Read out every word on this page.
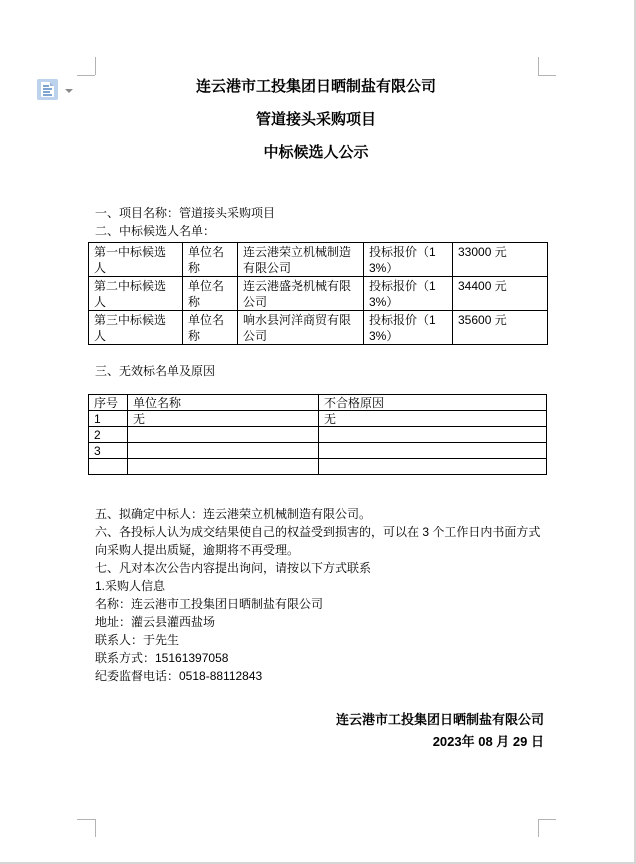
连云港市工投集团日晒制盐有限公司

管道接头采购项目

中标候选人公示

一、项目名称：管道接头采购项目

二、中标候选人名单：

第一中标候选人	单位名称	连云港荣立机械制造有限公司	投标报价（13%）	33000 元
第二中标候选人	单位名称	连云港盛尧机械有限公司	投标报价（13%）	34400 元
第三中标候选人	单位名称	响水县河洋商贸有限公司	投标报价（13%）	35600 元

三、无效标名单及原因

序号	单位名称	不合格原因
1	无	无
2		
3		

五、拟确定中标人：连云港荣立机械制造有限公司。

六、各投标人认为成交结果使自己的权益受到损害的，可以在 3 个工作日内书面方式向采购人提出质疑，逾期将不再受理。

七、凡对本次公告内容提出询问，请按以下方式联系

1.采购人信息

名称：连云港市工投集团日晒制盐有限公司

地址：灌云县灌西盐场

联系人：于先生

联系方式：15161397058

纪委监督电话：0518-88112843

连云港市工投集团日晒制盐有限公司
2023年 08 月 29 日
